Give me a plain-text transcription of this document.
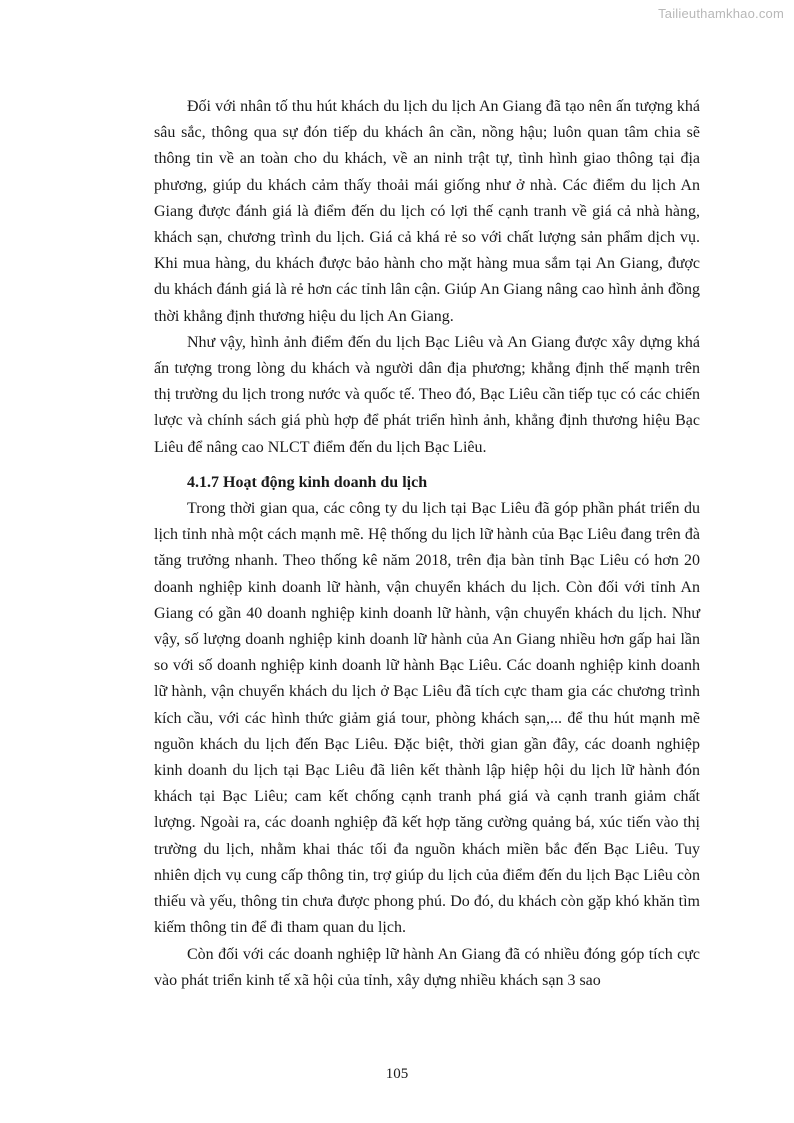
Tailieuthamkhao.com

Đối với nhân tố thu hút khách du lịch du lịch An Giang đã tạo nên ấn tượng khá sâu sắc, thông qua sự đón tiếp du khách ân cần, nồng hậu; luôn quan tâm chia sẽ thông tin về an toàn cho du khách, về an ninh trật tự, tình hình giao thông tại địa phương, giúp du khách cảm thấy thoải mái giống như ở nhà. Các điểm du lịch An Giang được đánh giá là điểm đến du lịch có lợi thế cạnh tranh về giá cả nhà hàng, khách sạn, chương trình du lịch. Giá cả khá rẻ so với chất lượng sản phẩm dịch vụ. Khi mua hàng, du khách được bảo hành cho mặt hàng mua sắm tại An Giang, được du khách đánh giá là rẻ hơn các tỉnh lân cận. Giúp An Giang nâng cao hình ảnh đồng thời khẳng định thương hiệu du lịch An Giang.

Như vậy, hình ảnh điểm đến du lịch Bạc Liêu và An Giang được xây dựng khá ấn tượng trong lòng du khách và người dân địa phương; khẳng định thế mạnh trên thị trường du lịch trong nước và quốc tế. Theo đó, Bạc Liêu cần tiếp tục có các chiến lược và chính sách giá phù hợp để phát triển hình ảnh, khẳng định thương hiệu Bạc Liêu để nâng cao NLCT điểm đến du lịch Bạc Liêu.

4.1.7 Hoạt động kinh doanh du lịch

Trong thời gian qua, các công ty du lịch tại Bạc Liêu đã góp phần phát triển du lịch tỉnh nhà một cách mạnh mẽ. Hệ thống du lịch lữ hành của Bạc Liêu đang trên đà tăng trưởng nhanh. Theo thống kê năm 2018, trên địa bàn tỉnh Bạc Liêu có hơn 20 doanh nghiệp kinh doanh lữ hành, vận chuyển khách du lịch. Còn đối với tỉnh An Giang có gần 40 doanh nghiệp kinh doanh lữ hành, vận chuyển khách du lịch. Như vậy, số lượng doanh nghiệp kinh doanh lữ hành của An Giang nhiều hơn gấp hai lần so với số doanh nghiệp kinh doanh lữ hành Bạc Liêu. Các doanh nghiệp kinh doanh lữ hành, vận chuyển khách du lịch ở Bạc Liêu đã tích cực tham gia các chương trình kích cầu, với các hình thức giảm giá tour, phòng khách sạn,... để thu hút mạnh mẽ nguồn khách du lịch đến Bạc Liêu. Đặc biệt, thời gian gần đây, các doanh nghiệp kinh doanh du lịch tại Bạc Liêu đã liên kết thành lập hiệp hội du lịch lữ hành đón khách tại Bạc Liêu; cam kết chống cạnh tranh phá giá và cạnh tranh giảm chất lượng. Ngoài ra, các doanh nghiệp đã kết hợp tăng cường quảng bá, xúc tiến vào thị trường du lịch, nhằm khai thác tối đa nguồn khách miền bắc đến Bạc Liêu. Tuy nhiên dịch vụ cung cấp thông tin, trợ giúp du lịch của điểm đến du lịch Bạc Liêu còn thiếu và yếu, thông tin chưa được phong phú. Do đó, du khách còn gặp khó khăn tìm kiếm thông tin để đi tham quan du lịch.

Còn đối với các doanh nghiệp lữ hành An Giang đã có nhiều đóng góp tích cực vào phát triển kinh tế xã hội của tỉnh, xây dựng nhiều khách sạn 3 sao

105
